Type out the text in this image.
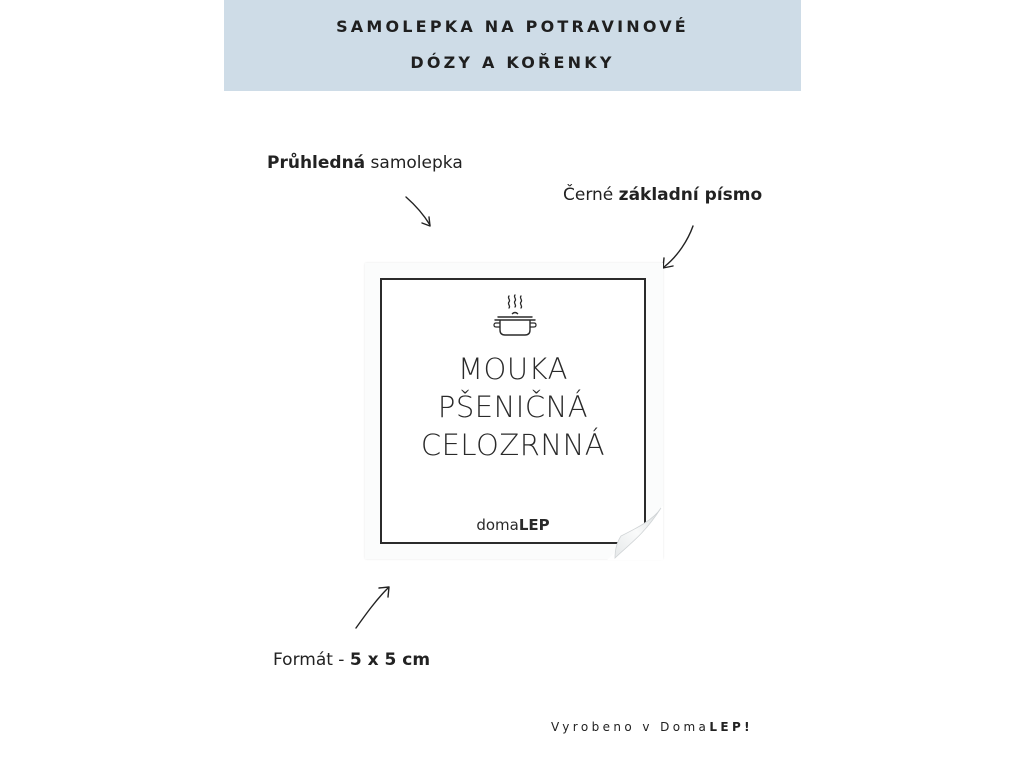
SAMOLEPKA NA POTRAVINOVÉ
DÓZY A KOŘENKY
Průhledná samolepka
Černé základní písmo
MOUKA
PŠENIČNÁ
CELOZRNNÁ
domaLEP
Formát - 5 x 5 cm
Vyrobeno v DomaLEP!
